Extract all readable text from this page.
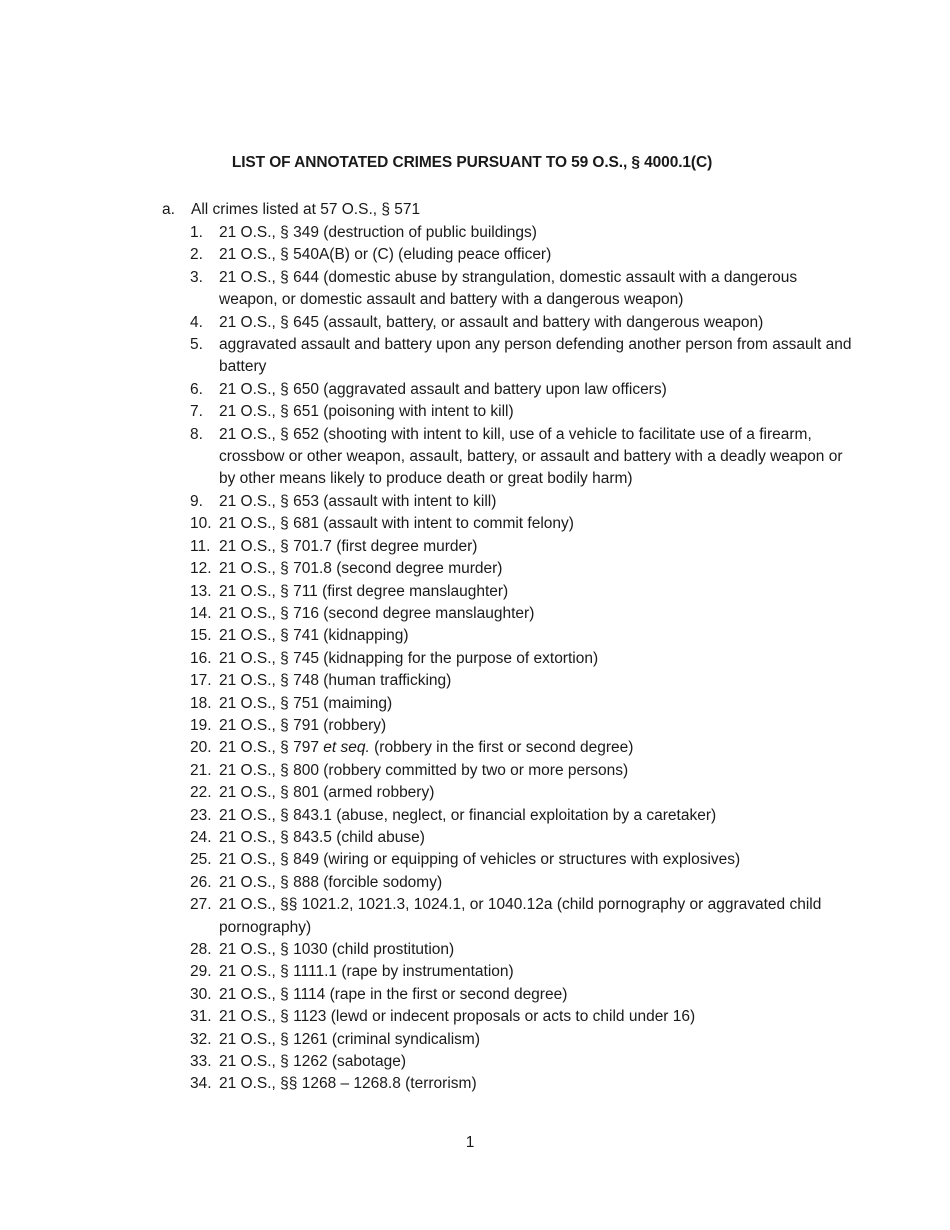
LIST OF ANNOTATED CRIMES PURSUANT TO 59 O.S., § 4000.1(C)
a.	All crimes listed at 57 O.S., § 571
1.	21 O.S., § 349 (destruction of public buildings)
2.	21 O.S., § 540A(B) or (C) (eluding peace officer)
3.	21 O.S., § 644 (domestic abuse by strangulation, domestic assault with a dangerous weapon, or domestic assault and battery with a dangerous weapon)
4.	21 O.S., § 645 (assault, battery, or assault and battery with dangerous weapon)
5.	aggravated assault and battery upon any person defending another person from assault and battery
6.	21 O.S., § 650 (aggravated assault and battery upon law officers)
7.	21 O.S., § 651 (poisoning with intent to kill)
8.	21 O.S., § 652 (shooting with intent to kill, use of a vehicle to facilitate use of a firearm, crossbow or other weapon, assault, battery, or assault and battery with a deadly weapon or by other means likely to produce death or great bodily harm)
9.	21 O.S., § 653 (assault with intent to kill)
10. 21 O.S., § 681 (assault with intent to commit felony)
11. 21 O.S., § 701.7 (first degree murder)
12. 21 O.S., § 701.8 (second degree murder)
13. 21 O.S., § 711 (first degree manslaughter)
14. 21 O.S., § 716 (second degree manslaughter)
15. 21 O.S., § 741 (kidnapping)
16. 21 O.S., § 745 (kidnapping for the purpose of extortion)
17. 21 O.S., § 748 (human trafficking)
18. 21 O.S., § 751 (maiming)
19. 21 O.S., § 791 (robbery)
20. 21 O.S., § 797 et seq. (robbery in the first or second degree)
21. 21 O.S., § 800 (robbery committed by two or more persons)
22. 21 O.S., § 801 (armed robbery)
23. 21 O.S., § 843.1 (abuse, neglect, or financial exploitation by a caretaker)
24. 21 O.S., § 843.5 (child abuse)
25. 21 O.S., § 849 (wiring or equipping of vehicles or structures with explosives)
26. 21 O.S., § 888 (forcible sodomy)
27. 21 O.S., §§ 1021.2, 1021.3, 1024.1, or 1040.12a (child pornography or aggravated child pornography)
28. 21 O.S., § 1030 (child prostitution)
29. 21 O.S., § 1111.1 (rape by instrumentation)
30. 21 O.S., § 1114 (rape in the first or second degree)
31. 21 O.S., § 1123 (lewd or indecent proposals or acts to child under 16)
32. 21 O.S., § 1261 (criminal syndicalism)
33. 21 O.S., § 1262 (sabotage)
34. 21 O.S., §§ 1268 – 1268.8 (terrorism)
1
